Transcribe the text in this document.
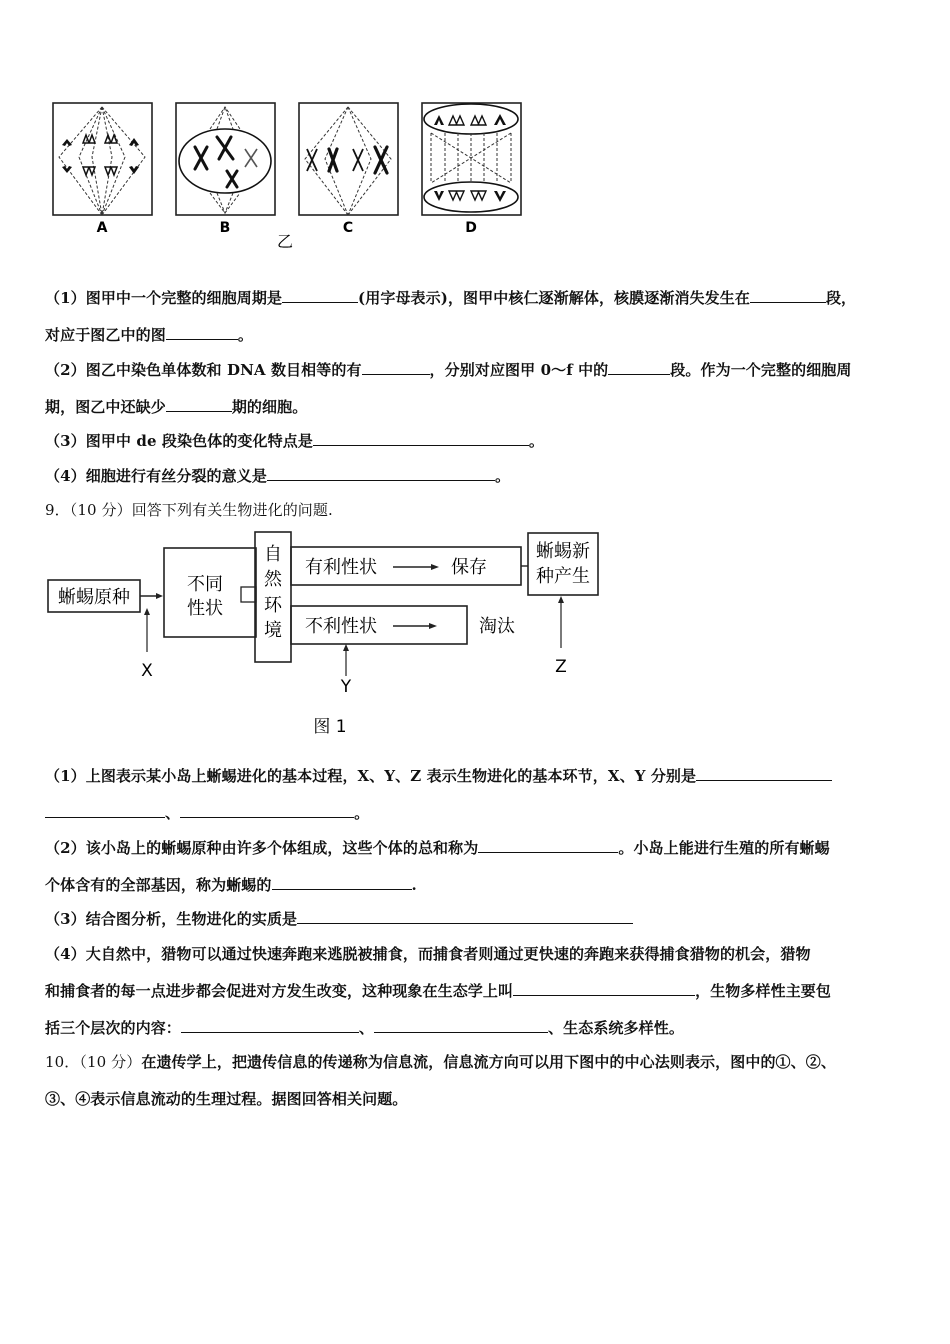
A	B	C	D
乙
（1）图甲中一个完整的细胞周期是	(用字母表示)，图甲中核仁逐渐解体，核膜逐渐消失发生在	段，
对应于图乙中的图	。
（2）图乙中染色单体数和 DNA 数目相等的有	，分别对应图甲 0～f 中的	段。作为一个完整的细胞周
期，图乙中还缺少	期的细胞。
（3）图甲中 de 段染色体的变化特点是	。
（4）细胞进行有丝分裂的意义是	。
9．（10 分）回答下列有关生物进化的问题.
蜥蜴原种
不同
性状
自
然
环
境
有利性状	保存
蜥蜴新
种产生
不利性状	淘汰
X
Y
Z
图 1
（1）上图表示某小岛上蜥蜴进化的基本过程，X、Y、Z 表示生物进化的基本环节，X、Y 分别是
、	。
（2）该小岛上的蜥蜴原种由许多个体组成，这些个体的总和称为	。小岛上能进行生殖的所有蜥蜴
个体含有的全部基因，称为蜥蜴的	.
（3）结合图分析，生物进化的实质是
（4）大自然中，猎物可以通过快速奔跑来逃脱被捕食，而捕食者则通过更快速的奔跑来获得捕食猎物的机会，猎物
和捕食者的每一点进步都会促进对方发生改变，这种现象在生态学上叫	，生物多样性主要包
括三个层次的内容：	、	、生态系统多样性。
10．（10 分）在遗传学上，把遗传信息的传递称为信息流，信息流方向可以用下图中的中心法则表示，图中的①、②、
③、④表示信息流动的生理过程。据图回答相关问题。
